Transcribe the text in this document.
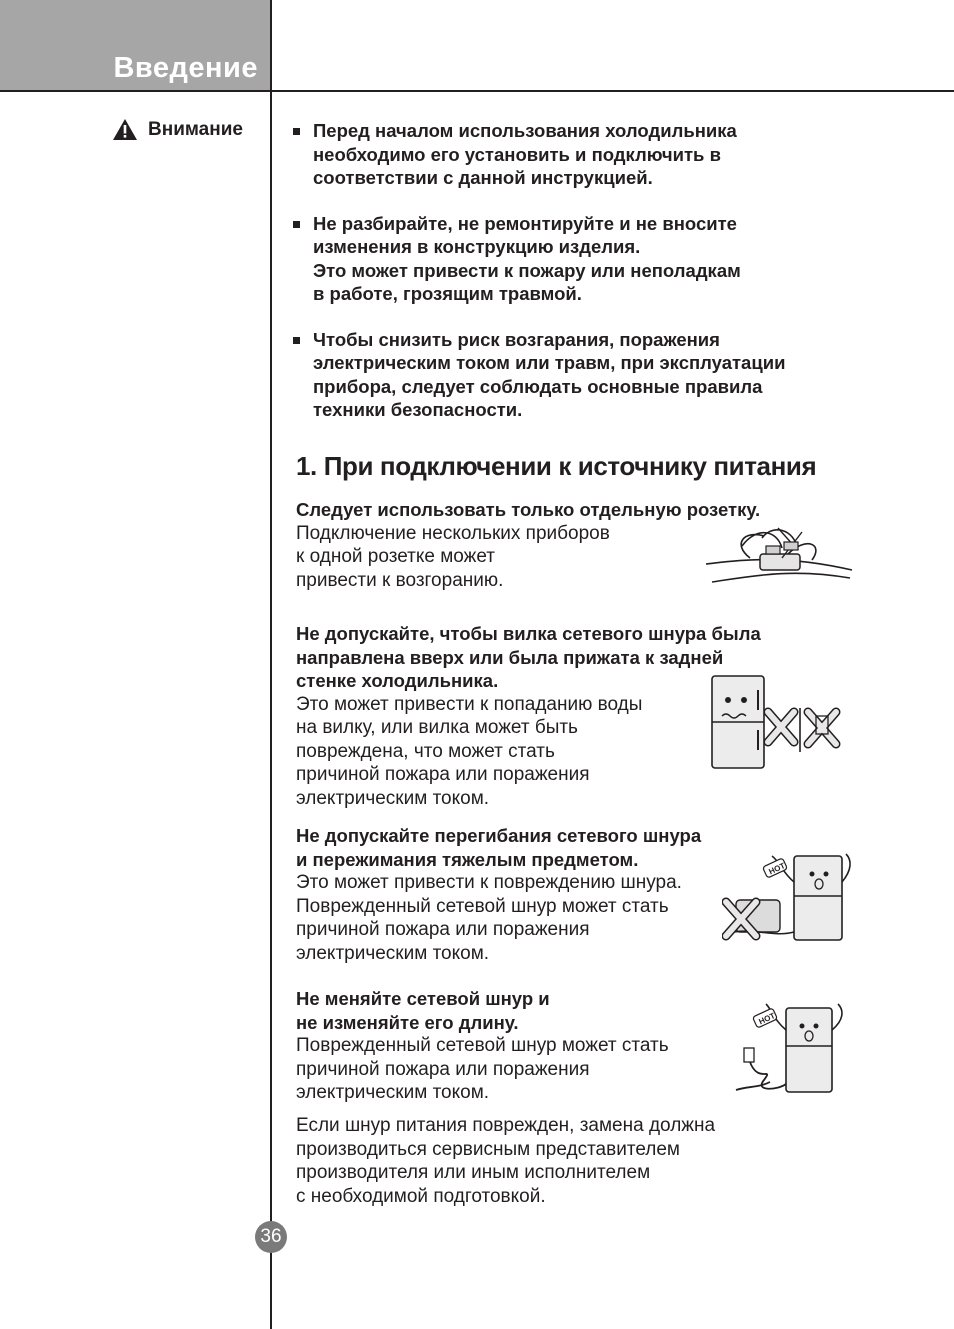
Введение
Внимание	Перед началом использования холодильника
необходимо его установить и подключить в
соответствии с данной инструкцией.
Не разбирайте, не ремонтируйте и не вносите
изменения в конструкцию изделия.
Это может привести к пожару или неполадкам
в работе, грозящим травмой.
Чтобы снизить риск возгарания, поражения
электрическим током или травм, при эксплуатации
прибора, следует соблюдать основные правила
техники безопасности.
1. При подключении к источнику питания
Следует использовать только отдельную розетку.
Подключение нескольких приборов
к одной розетке может
привести к возгоранию.
Не допускайте, чтобы вилка сетевого шнура была
направлена вверх или была прижата к задней
стенке холодильника.
Это может привести к попаданию воды
на вилку, или вилка может быть
повреждена, что может стать
причиной пожара или поражения
электрическим током.
Не допускайте перегибания сетевого шнура
и пережимания тяжелым предметом.
Это может привести к повреждению шнура.
Поврежденный сетевой шнур может стать
причиной пожара или поражения
электрическим током.
HOT
Не меняйте сетевой шнур и
не изменяйте его длину.
Поврежденный сетевой шнур может стать
причиной пожара или поражения
электрическим током.
HOT
Если шнур питания поврежден, замена должна
производиться сервисным представителем
производителя или иным исполнителем
с необходимой подготовкой.
36
